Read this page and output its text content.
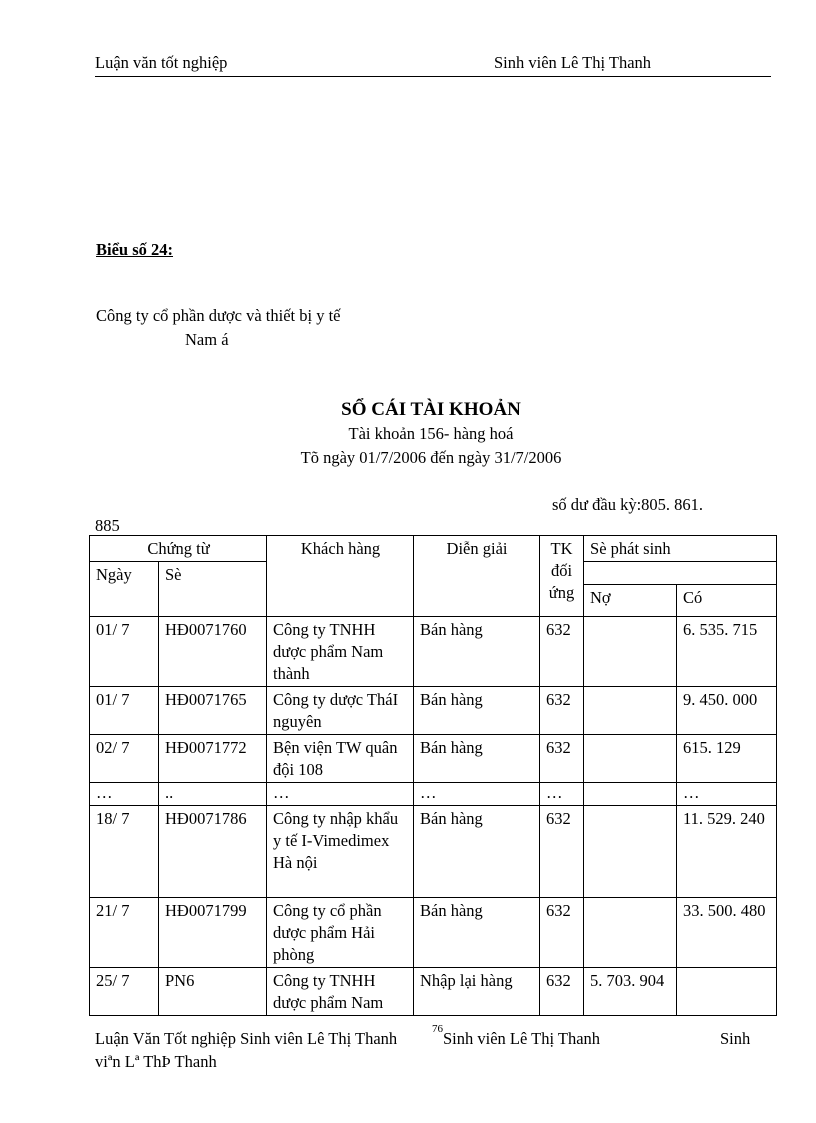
Luận văn tốt nghiệp	Sinh viên Lê Thị Thanh
Biểu số 24:
Công ty cổ phần dược và thiết bị y tế
Nam á
SỔ CÁI TÀI KHOẢN
Tài khoản 156- hàng hoá
Tõ ngày 01/7/2006 đến ngày 31/7/2006
số dư đầu kỳ:805. 861.
885
Chứng từ		Khách hàng	Diễn giải	TK đối ứng	Sè phát sinh	
Ngày	Sè					
					Nợ	Có
01/ 7	HĐ0071760	Công ty TNHH dược phẩm Nam thành	Bán hàng	632		6. 535. 715
01/ 7	HĐ0071765	Công ty dược TháI nguyên	Bán hàng	632		9. 450. 000
02/ 7	HĐ0071772	Bện viện TW quân đội 108	Bán hàng	632		615. 129
…	..	…	…	…		…
18/ 7	HĐ0071786	Công ty nhập khẩu y tế I-Vimedimex Hà nội	Bán hàng	632		11. 529. 240
21/ 7	HĐ0071799	Công ty cổ phần dược phẩm Hải phòng	Bán hàng	632		33. 500. 480
25/ 7	PN6	Công ty TNHH dược phẩm Nam	Nhập lại hàng	632	5. 703. 904	
Luận Văn Tốt nghiệp Sinh viên Lê Thị Thanh	76 Sinh viên Lê Thị Thanh	Sinh
viªn Lª ThÞ Thanh
